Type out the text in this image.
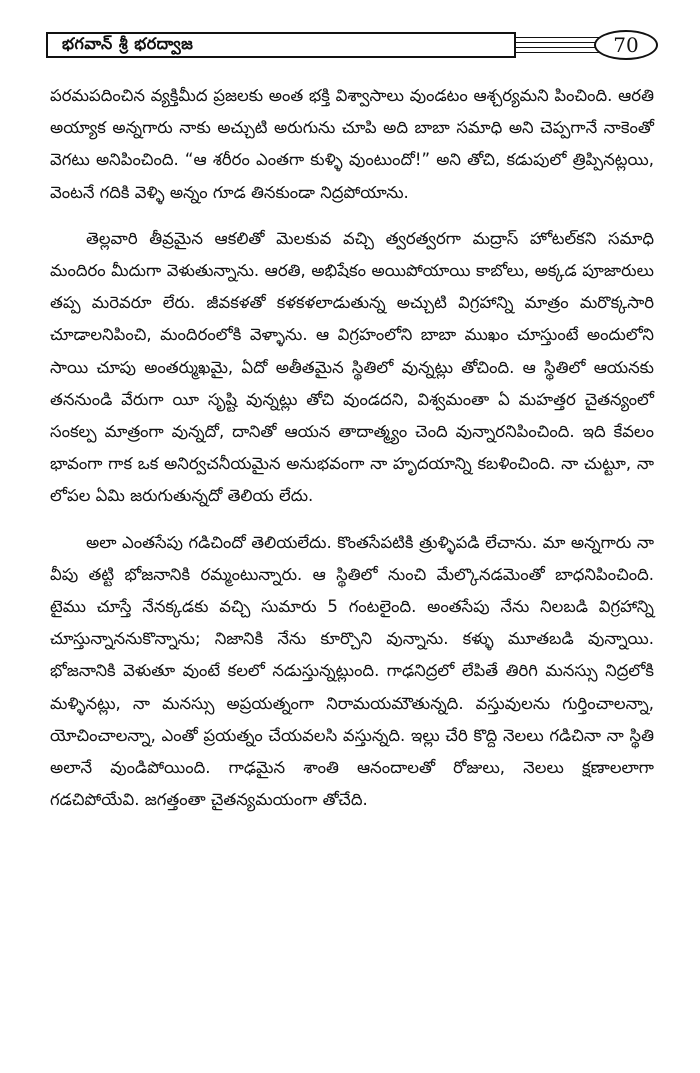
భగవాన్ శ్రీ భరద్వాజ	70

పరమపదించిన వ్యక్తిమీద ప్రజలకు అంత భక్తి విశ్వాసాలు వుండటం ఆశ్చర్యమని పించింది. ఆరతి అయ్యాక అన్నగారు నాకు అచ్చుటి అరుగును చూపి అది బాబా సమాధి అని చెప్పగానే నాకెంతో వెగటు అనిపించింది. “ఆ శరీరం ఎంతగా కుళ్ళి వుంటుందో!” అని తోచి, కడుపులో త్రిప్పినట్లయి, వెంటనే గదికి వెళ్ళి అన్నం గూడ తినకుండా నిద్రపోయాను.

తెల్లవారి తీవ్రమైన ఆకలితో మెలకువ వచ్చి త్వరత్వరగా మద్రాస్ హోటల్‌కని సమాధి మందిరం మీదుగా వెళుతున్నాను. ఆరతి, అభిషేకం అయిపోయాయి కాబోలు, అక్కడ పూజారులు తప్ప మరెవరూ లేరు. జీవకళతో కళకళలాడుతున్న అచ్చుటి విగ్రహాన్ని మాత్రం మరొక్కసారి చూడాలనిపించి, మందిరంలోకి వెళ్ళాను. ఆ విగ్రహంలోని బాబా ముఖం చూస్తుంటే అందులోని సాయి చూపు అంతర్ముఖమై, ఏదో అతీతమైన స్థితిలో వున్నట్లు తోచింది. ఆ స్థితిలో ఆయనకు తననుండి వేరుగా యీ సృష్టి వున్నట్లు తోచి వుండదని, విశ్వమంతా ఏ మహత్తర చైతన్యంలో సంకల్ప మాత్రంగా వున్నదో, దానితో ఆయన తాదాత్మ్యం చెంది వున్నారనిపించింది. ఇది కేవలం భావంగా గాక ఒక అనిర్వచనీయమైన అనుభవంగా నా హృదయాన్ని కబళించింది. నా చుట్టూ, నా లోపల ఏమి జరుగుతున్నదో తెలియ లేదు.

అలా ఎంతసేపు గడిచిందో తెలియలేదు. కొంతసేపటికి త్రుళ్ళిపడి లేచాను. మా అన్నగారు నా వీపు తట్టి భోజనానికి రమ్మంటున్నారు. ఆ స్థితిలో నుంచి మేల్కొనడమెంతో బాధనిపించింది. టైము చూస్తే నేనక్కడకు వచ్చి సుమారు 5 గంటలైంది. అంతసేపు నేను నిలబడి విగ్రహాన్ని చూస్తున్నాననుకొన్నాను; నిజానికి నేను కూర్చొని వున్నాను. కళ్ళు మూతబడి వున్నాయి. భోజనానికి వెళుతూ వుంటే కలలో నడుస్తున్నట్లుంది. గాఢనిద్రలో లేపితే తిరిగి మనస్సు నిద్రలోకి మళ్ళినట్లు, నా మనస్సు అప్రయత్నంగా నిరామయమౌతున్నది. వస్తువులను గుర్తించాలన్నా, యోచించాలన్నా, ఎంతో ప్రయత్నం చేయవలసి వస్తున్నది. ఇల్లు చేరి కొద్ది నెలలు గడిచినా నా స్థితి అలానే వుండిపోయింది. గాఢమైన శాంతి ఆనందాలతో రోజులు, నెలలు క్షణాలలాగా గడచిపోయేవి. జగత్తంతా చైతన్యమయంగా తోచేది.
